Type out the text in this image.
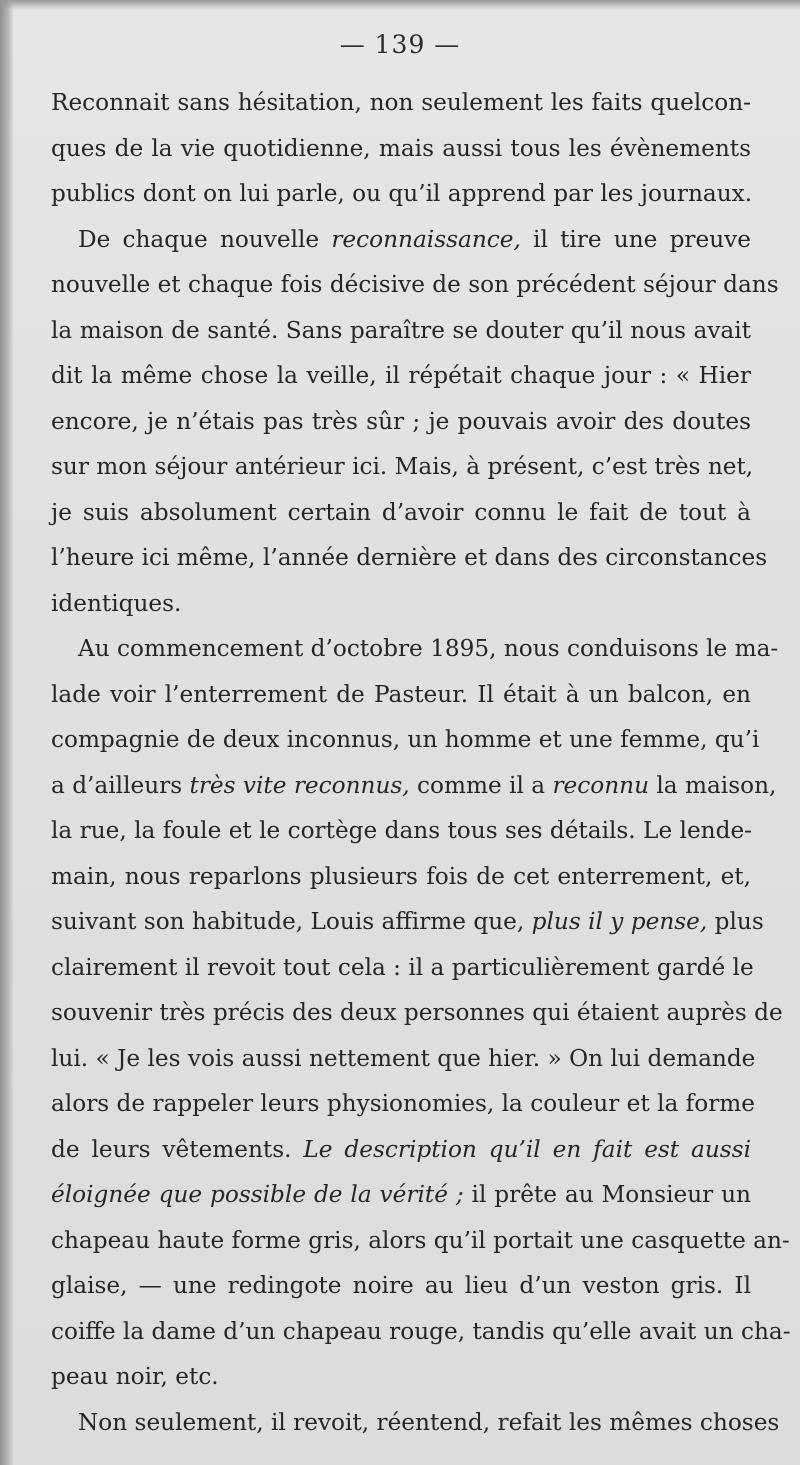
— 139 —
Reconnait sans hésitation, non seulement les faits quelcon-
ques de la vie quotidienne, mais aussi tous les évènements
publics dont on lui parle, ou qu’il apprend par les journaux.
De chaque nouvelle reconnaissance, il tire une preuve
nouvelle et chaque fois décisive de son précédent séjour dans
la maison de santé. Sans paraître se douter qu’il nous avait
dit la même chose la veille, il répétait chaque jour : « Hier
encore, je n’étais pas très sûr ; je pouvais avoir des doutes
sur mon séjour antérieur ici. Mais, à présent, c’est très net,
je suis absolument certain d’avoir connu le fait de tout à
l’heure ici même, l’année dernière et dans des circonstances
identiques.
Au commencement d’octobre 1895, nous conduisons le ma-
lade voir l’enterrement de Pasteur. Il était à un balcon, en
compagnie de deux inconnus, un homme et une femme, qu’i
a d’ailleurs très vite reconnus, comme il a reconnu la maison,
la rue, la foule et le cortège dans tous ses détails. Le lende-
main, nous reparlons plusieurs fois de cet enterrement, et,
suivant son habitude, Louis affirme que, plus il y pense, plus
clairement il revoit tout cela : il a particulièrement gardé le
souvenir très précis des deux personnes qui étaient auprès de
lui. « Je les vois aussi nettement que hier. » On lui demande
alors de rappeler leurs physionomies, la couleur et la forme
de leurs vêtements. Le description qu’il en fait est aussi
éloignée que possible de la vérité ; il prête au Monsieur un
chapeau haute forme gris, alors qu’il portait une casquette an-
glaise, — une redingote noire au lieu d’un veston gris. Il
coiffe la dame d’un chapeau rouge, tandis qu’elle avait un cha-
peau noir, etc.
Non seulement, il revoit, réentend, refait les mêmes choses
